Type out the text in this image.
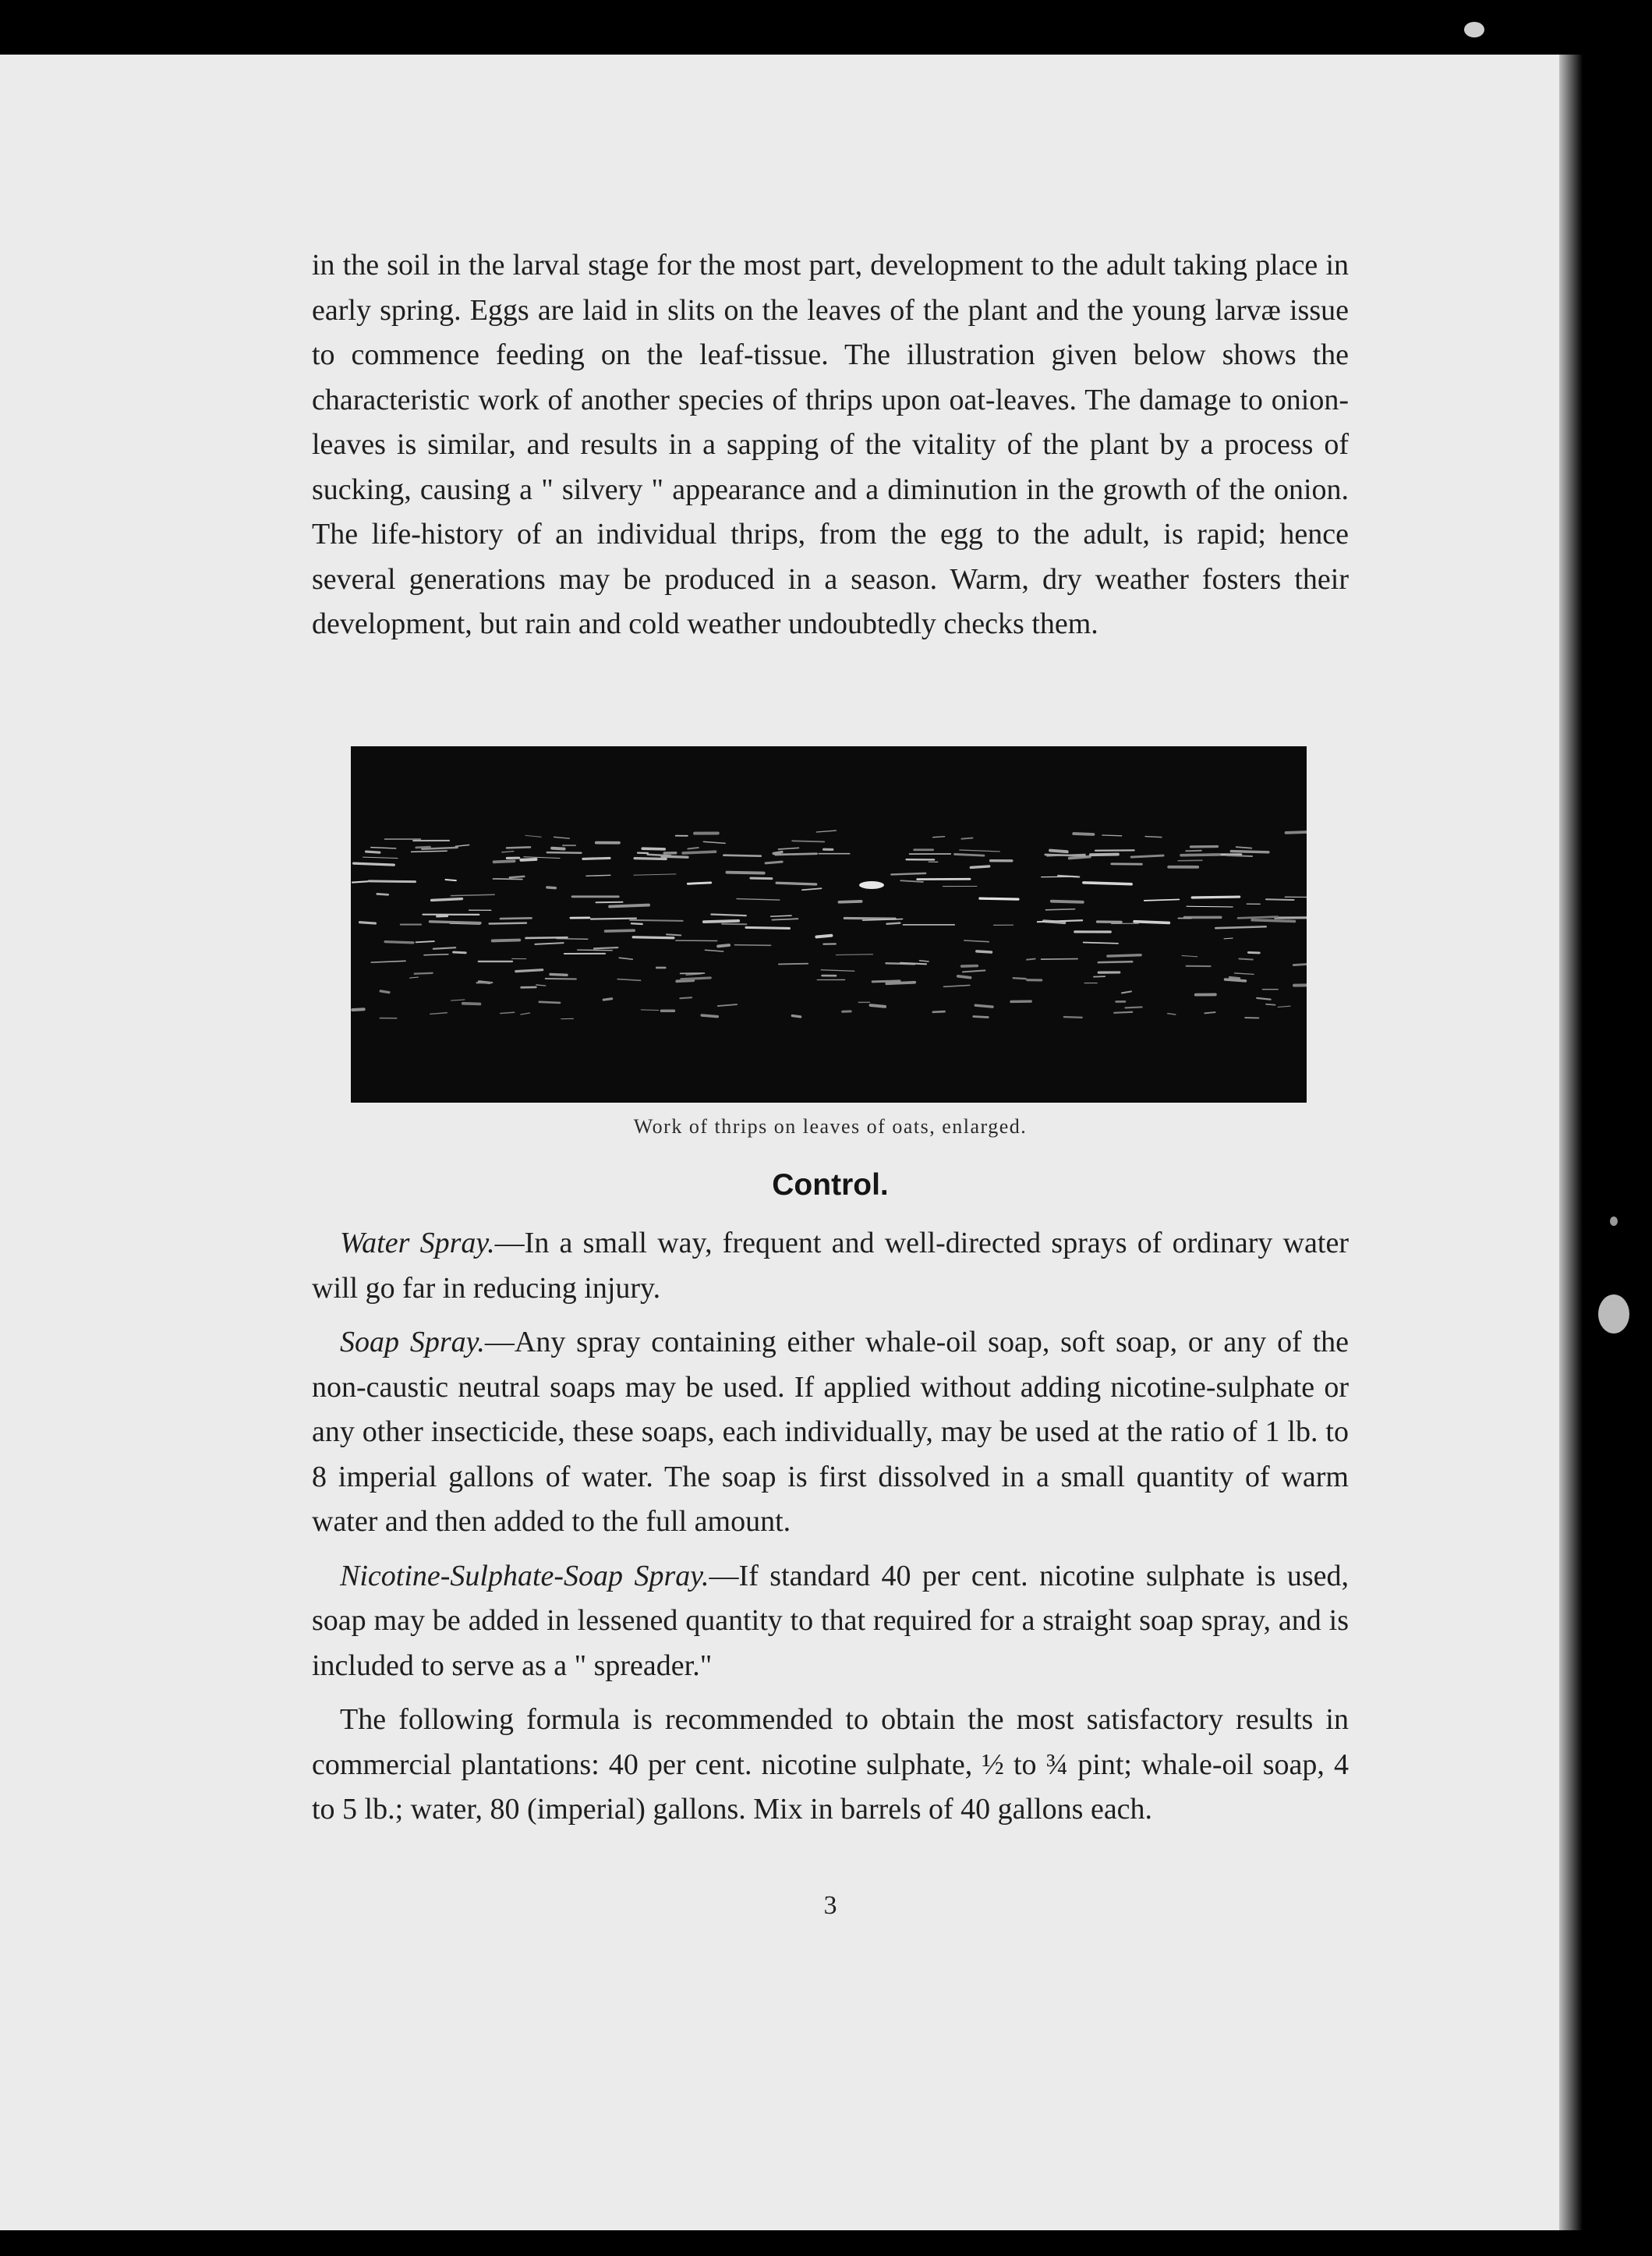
in the soil in the larval stage for the most part, development to the adult taking place in early spring. Eggs are laid in slits on the leaves of the plant and the young larvæ issue to commence feeding on the leaf-tissue. The illustration given below shows the characteristic work of another species of thrips upon oat-leaves. The damage to onion-leaves is similar, and results in a sapping of the vitality of the plant by a process of sucking, causing a " silvery " appearance and a diminution in the growth of the onion. The life-history of an individual thrips, from the egg to the adult, is rapid; hence several generations may be produced in a season. Warm, dry weather fosters their development, but rain and cold weather undoubtedly checks them.

Work of thrips on leaves of oats, enlarged.
Control.

Water Spray.—In a small way, frequent and well-directed sprays of ordinary water will go far in reducing injury.

Soap Spray.—Any spray containing either whale-oil soap, soft soap, or any of the non-caustic neutral soaps may be used. If applied without adding nicotine-sulphate or any other insecticide, these soaps, each individually, may be used at the ratio of 1 lb. to 8 imperial gallons of water. The soap is first dissolved in a small quantity of warm water and then added to the full amount.

Nicotine-Sulphate-Soap Spray.—If standard 40 per cent. nicotine sulphate is used, soap may be added in lessened quantity to that required for a straight soap spray, and is included to serve as a " spreader."

The following formula is recommended to obtain the most satisfactory results in commercial plantations: 40 per cent. nicotine sulphate, ½ to ¾ pint; whale-oil soap, 4 to 5 lb.; water, 80 (imperial) gallons. Mix in barrels of 40 gallons each.

3
